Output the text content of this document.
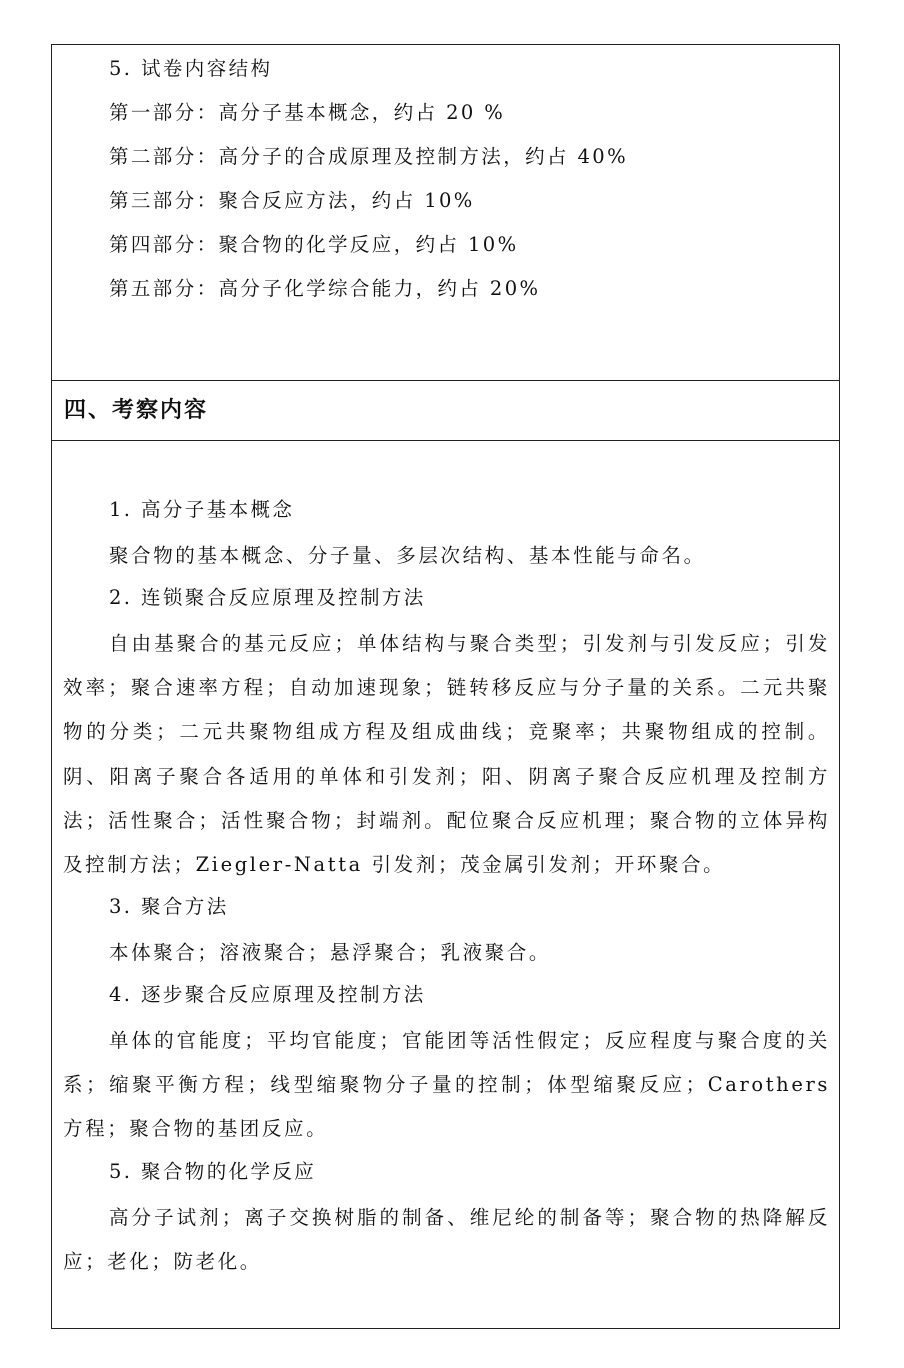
5. 试卷内容结构
第一部分：高分子基本概念，约占 20 %
第二部分：高分子的合成原理及控制方法，约占 40%
第三部分：聚合反应方法，约占 10%
第四部分：聚合物的化学反应，约占 10%
第五部分：高分子化学综合能力，约占 20%
四、考察内容
1. 高分子基本概念
聚合物的基本概念、分子量、多层次结构、基本性能与命名。
2. 连锁聚合反应原理及控制方法
自由基聚合的基元反应；单体结构与聚合类型；引发剂与引发反应；引发效率；聚合速率方程；自动加速现象；链转移反应与分子量的关系。二元共聚物的分类；二元共聚物组成方程及组成曲线；竞聚率；共聚物组成的控制。阴、阳离子聚合各适用的单体和引发剂；阳、阴离子聚合反应机理及控制方法；活性聚合；活性聚合物；封端剂。配位聚合反应机理；聚合物的立体异构及控制方法；Ziegler-Natta 引发剂；茂金属引发剂；开环聚合。
3. 聚合方法
本体聚合；溶液聚合；悬浮聚合；乳液聚合。
4. 逐步聚合反应原理及控制方法
单体的官能度；平均官能度；官能团等活性假定；反应程度与聚合度的关系；缩聚平衡方程；线型缩聚物分子量的控制；体型缩聚反应；Carothers 方程；聚合物的基团反应。
5. 聚合物的化学反应
高分子试剂；离子交换树脂的制备、维尼纶的制备等；聚合物的热降解反应；老化；防老化。
